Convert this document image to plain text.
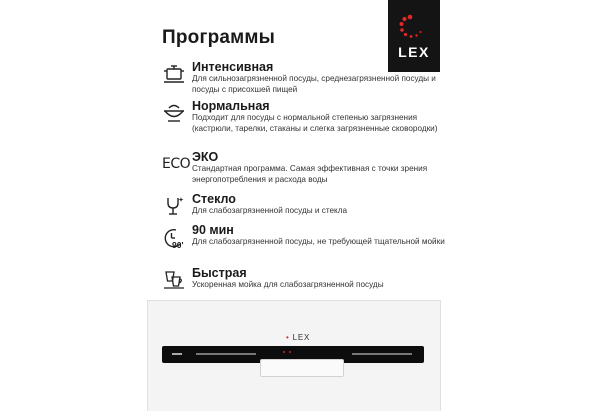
Программы
LEX
Интенсивная
Для сильнозагрязненной посуды, среднезагрязненной посуды и посуды с присохшей пищей
Нормальная
Подходит для посуды с нормальной степенью загрязнения (кастрюли, тарелки, стаканы и слегка загрязненные сковородки)
ECO ЭКО
Стандартная программа. Самая эффективная с точки зрения энергопотребления и расхода воды
Стекло
Для слабозагрязненной посуды и стекла
90'
90 мин
Для слабозагрязненной посуды, не требующей тщательной мойки
Быстрая
Ускоренная мойка для слабозагрязненной посуды
• LEX
